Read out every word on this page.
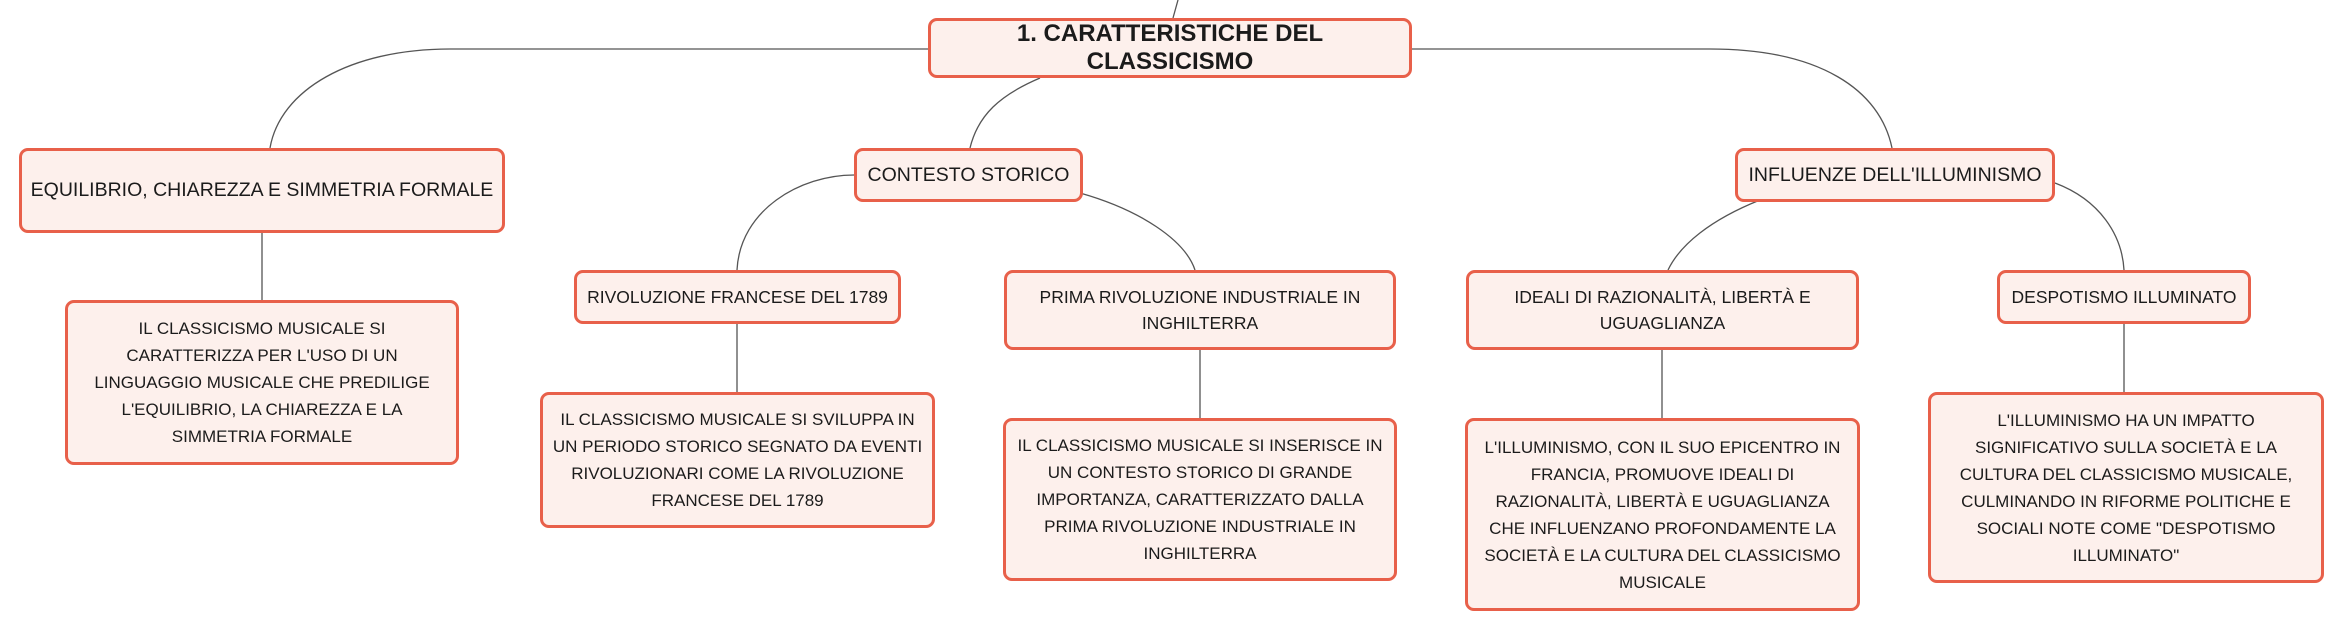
1. CARATTERISTICHE DEL CLASSICISMO
EQUILIBRIO, CHIAREZZA E SIMMETRIA FORMALE
CONTESTO STORICO	INFLUENZE DELL'ILLUMINISMO
RIVOLUZIONE FRANCESE DEL 1789	PRIMA RIVOLUZIONE INDUSTRIALE IN INGHILTERRA
IDEALI DI RAZIONALITÀ, LIBERTÀ E UGUAGLIANZA
DESPOTISMO ILLUMINATO
IL CLASSICISMO MUSICALE SI CARATTERIZZA PER L'USO DI UN LINGUAGGIO MUSICALE CHE PREDILIGE L'EQUILIBRIO, LA CHIAREZZA E LA SIMMETRIA FORMALE
IL CLASSICISMO MUSICALE SI SVILUPPA IN UN PERIODO STORICO SEGNATO DA EVENTI RIVOLUZIONARI COME LA RIVOLUZIONE FRANCESE DEL 1789
IL CLASSICISMO MUSICALE SI INSERISCE IN UN CONTESTO STORICO DI GRANDE IMPORTANZA, CARATTERIZZATO DALLA PRIMA RIVOLUZIONE INDUSTRIALE IN INGHILTERRA
L'ILLUMINISMO, CON IL SUO EPICENTRO IN FRANCIA, PROMUOVE IDEALI DI RAZIONALITÀ, LIBERTÀ E UGUAGLIANZA CHE INFLUENZANO PROFONDAMENTE LA SOCIETÀ E LA CULTURA DEL CLASSICISMO MUSICALE
L'ILLUMINISMO HA UN IMPATTO SIGNIFICATIVO SULLA SOCIETÀ E LA CULTURA DEL CLASSICISMO MUSICALE, CULMINANDO IN RIFORME POLITICHE E SOCIALI NOTE COME "DESPOTISMO ILLUMINATO"
